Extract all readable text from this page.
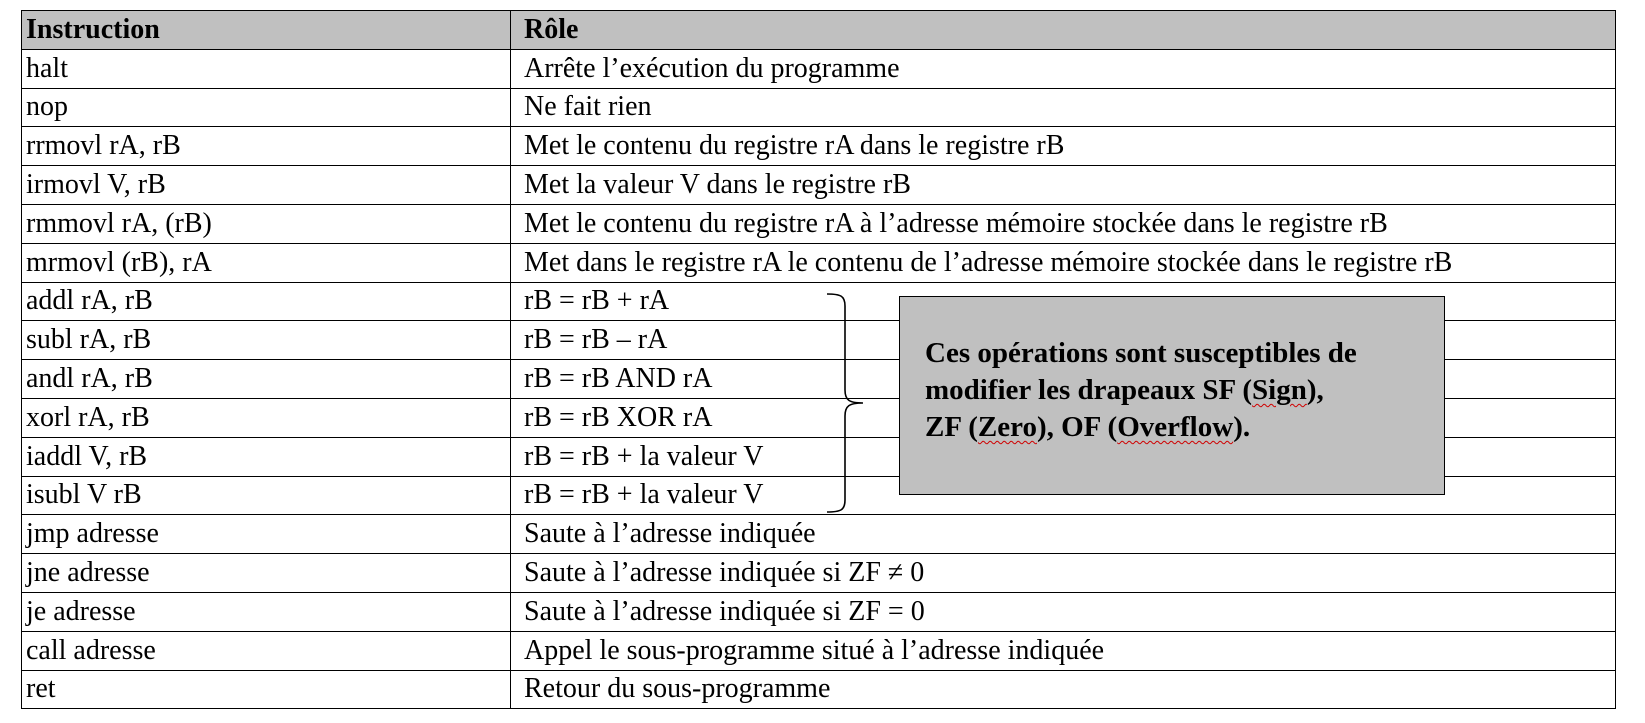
Instruction	Rôle
halt	Arrête l’exécution du programme
nop	Ne fait rien
rrmovl rA, rB	Met le contenu du registre rA dans le registre rB
irmovl V, rB	Met la valeur V dans le registre rB
rmmovl rA, (rB)	Met le contenu du registre rA à l’adresse mémoire stockée dans le registre rB
mrmovl (rB), rA	Met dans le registre rA le contenu de l’adresse mémoire stockée dans le registre rB
addl rA, rB	rB = rB + rA
subl rA, rB	rB = rB – rA
andl rA, rB	rB = rB AND rA
xorl rA, rB	rB = rB XOR rA
iaddl V, rB	rB = rB + la valeur V
isubl V rB	rB = rB + la valeur V
jmp adresse	Saute à l’adresse indiquée
jne adresse	Saute à l’adresse indiquée si ZF ≠ 0
je adresse	Saute à l’adresse indiquée si ZF = 0
call adresse	Appel le sous-programme situé à l’adresse indiquée
ret	Retour du sous-programme
Ces opérations sont susceptibles de
modifier les drapeaux SF (Sign),
ZF (Zero), OF (Overflow).
